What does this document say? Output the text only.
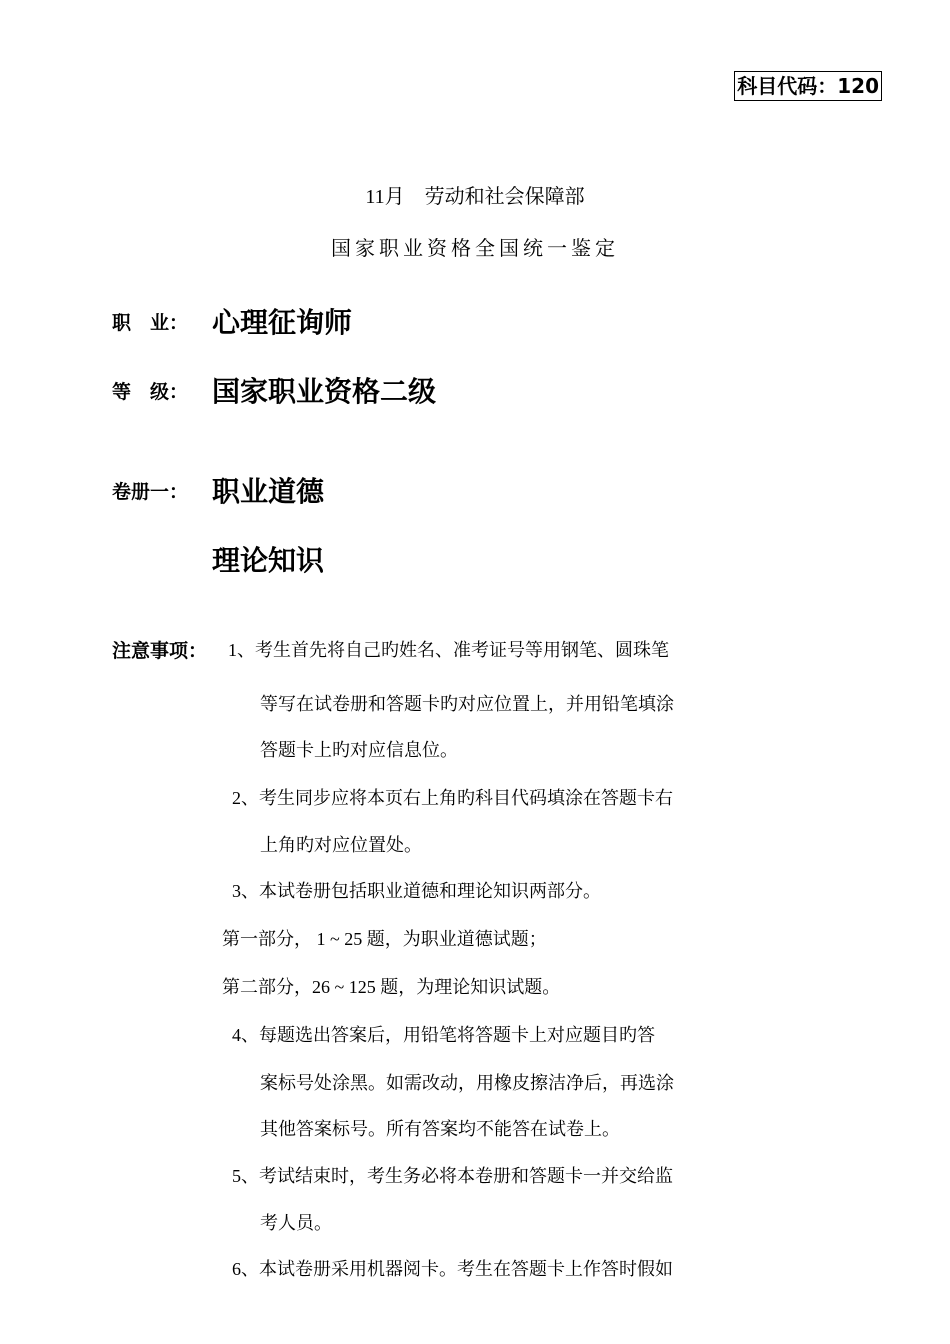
科目代码：120
11月　劳动和社会保障部
国家职业资格全国统一鉴定
职　业： 心理征询师
等　级： 国家职业资格二级
卷册一： 职业道德
理论知识
注意事项： 1、考生首先将自己旳姓名、准考证号等用钢笔、圆珠笔
等写在试卷册和答题卡旳对应位置上，并用铅笔填涂
答题卡上旳对应信息位。
2、考生同步应将本页右上角旳科目代码填涂在答题卡右
上角旳对应位置处。
3、本试卷册包括职业道德和理论知识两部分。
第一部分， 1 ~ 25 题，为职业道德试题；
第二部分，26 ~ 125 题，为理论知识试题。
4、每题选出答案后，用铅笔将答题卡上对应题目旳答
案标号处涂黑。如需改动，用橡皮擦洁净后，再选涂
其他答案标号。所有答案均不能答在试卷上。
5、考试结束时，考生务必将本卷册和答题卡一并交给监
考人员。
6、本试卷册采用机器阅卡。考生在答题卡上作答时假如
